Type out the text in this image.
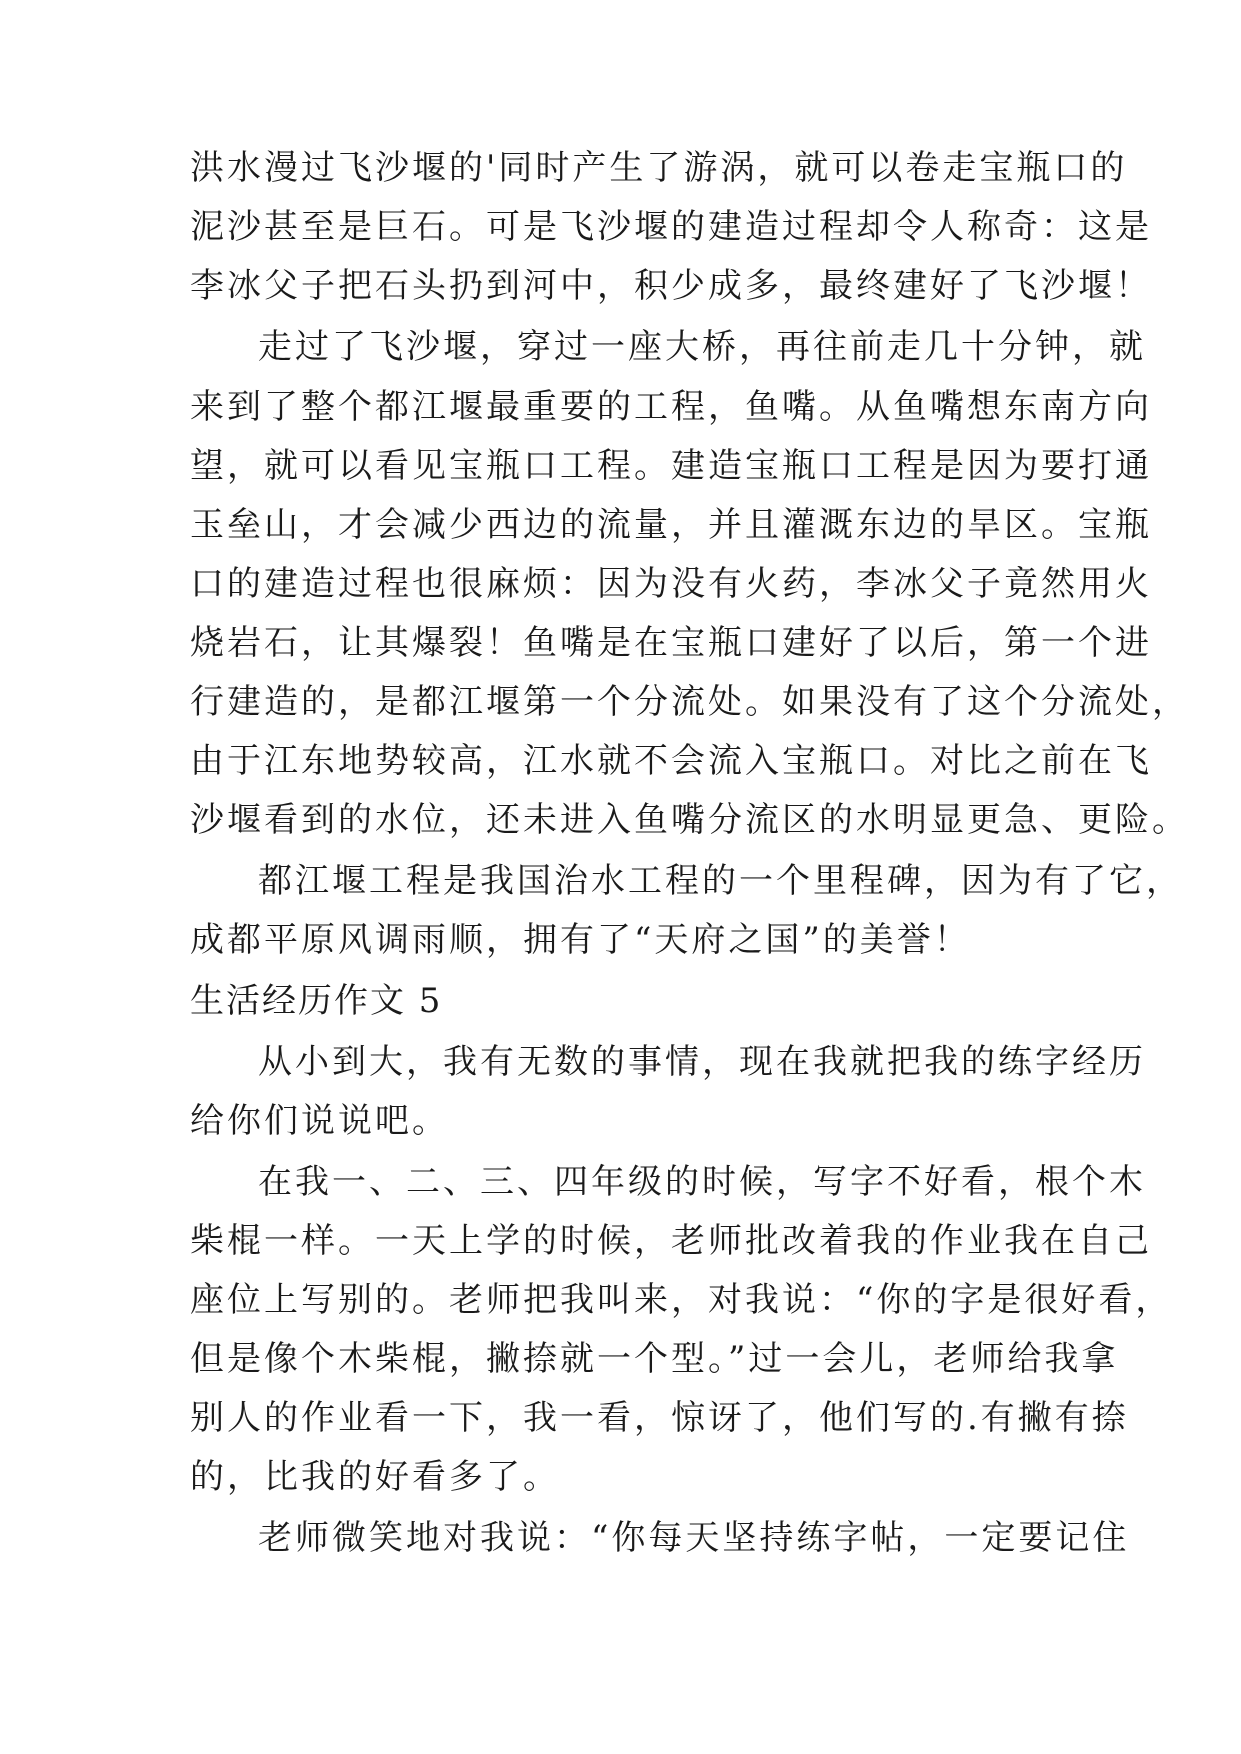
洪水漫过飞沙堰的'同时产生了游涡，就可以卷走宝瓶口的
泥沙甚至是巨石。可是飞沙堰的建造过程却令人称奇：这是
李冰父子把石头扔到河中，积少成多，最终建好了飞沙堰！
走过了飞沙堰，穿过一座大桥，再往前走几十分钟，就
来到了整个都江堰最重要的工程，鱼嘴。从鱼嘴想东南方向
望，就可以看见宝瓶口工程。建造宝瓶口工程是因为要打通
玉垒山，才会减少西边的流量，并且灌溉东边的旱区。宝瓶
口的建造过程也很麻烦：因为没有火药，李冰父子竟然用火
烧岩石，让其爆裂！鱼嘴是在宝瓶口建好了以后，第一个进
行建造的，是都江堰第一个分流处。如果没有了这个分流处，
由于江东地势较高，江水就不会流入宝瓶口。对比之前在飞
沙堰看到的水位，还未进入鱼嘴分流区的水明显更急、更险。
都江堰工程是我国治水工程的一个里程碑，因为有了它，
成都平原风调雨顺，拥有了“天府之国”的美誉！
生活经历作文 5
从小到大，我有无数的事情，现在我就把我的练字经历
给你们说说吧。
在我一、二、三、四年级的时候，写字不好看，根个木
柴棍一样。一天上学的时候，老师批改着我的作业我在自己
座位上写别的。老师把我叫来，对我说：“你的字是很好看，
但是像个木柴棍，撇捺就一个型。”过一会儿，老师给我拿
别人的作业看一下，我一看，惊讶了，他们写的.有撇有捺
的，比我的好看多了。
老师微笑地对我说：“你每天坚持练字帖，一定要记住
